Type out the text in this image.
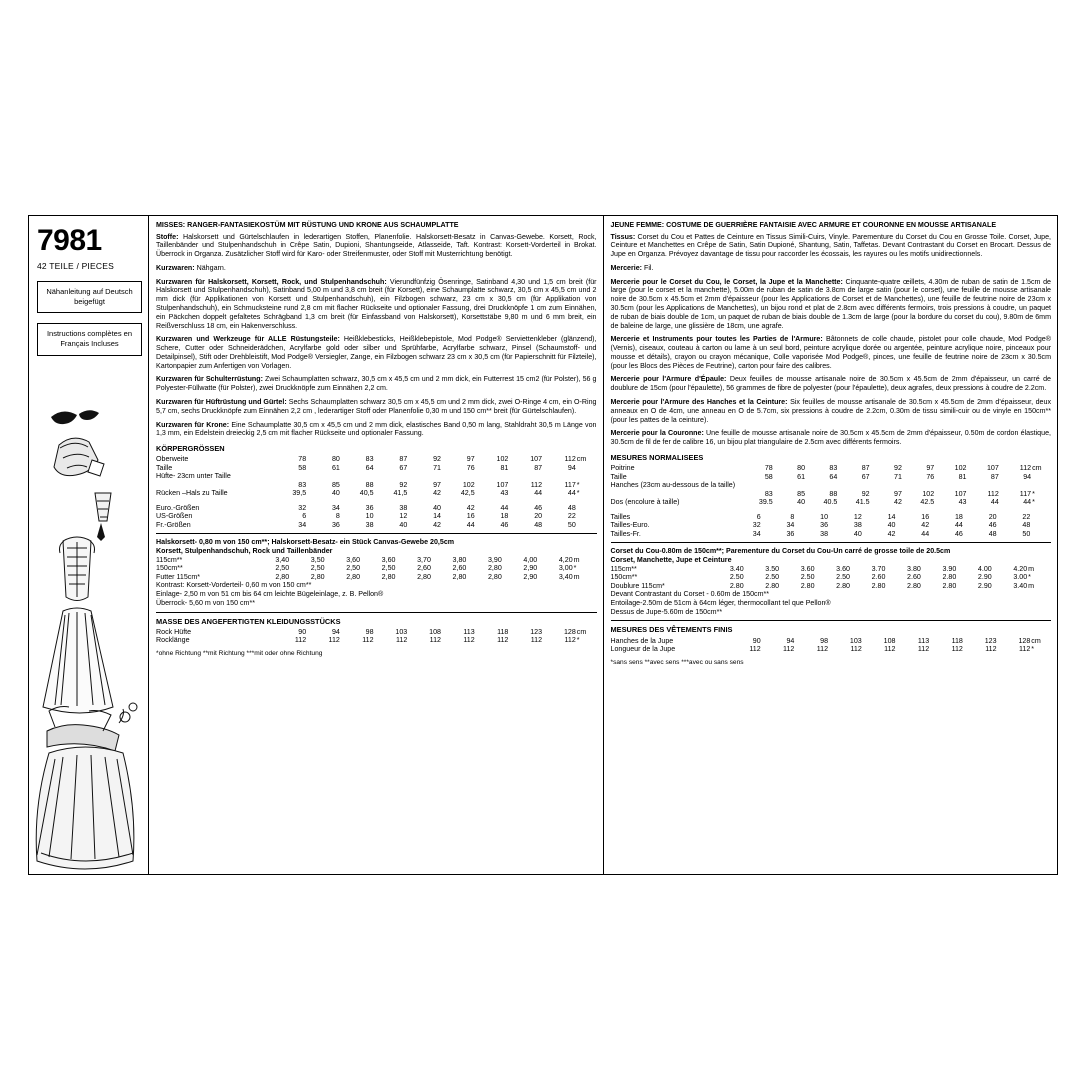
7981
42 TEILE / PIECES
Nähanleitung auf Deutsch beigefügt
Instructions complètes en Français Incluses
MISSES: RANGER-FANTASIEKOSTÜM MIT RÜSTUNG UND KRONE AUS SCHAUMPLATTE

Stoffe: Halskorsett und Gürtelschlaufen in lederartigen Stoffen, Planenfolie. Halskorsett-Besatz in Canvas-Gewebe. Korsett, Rock, Taillenbänder und Stulpenhandschuh in Crêpe Satin, Dupioni, Shantungseide, Atlasseide, Taft. Kontrast: Korsett-Vorderteil in Brokat. Überrock in Organza. Zusätzlicher Stoff wird für Karo- oder Streifenmuster, oder Stoff mit Musterrichtung benötigt.

Kurzwaren: Nähgarn.

Kurzwaren für Halskorsett, Korsett, Rock, und Stulpenhandschuh: Vierundfünfzig Ösenringe, Satinband 4,30 und 1,5 cm breit (für Halskorsett und Stulpenhandschuh), Satinband 5,00 m und 3,8 cm breit (für Korsett), eine Schaumplatte schwarz, 30,5 cm x 45,5 cm und 2 mm dick (für Applikationen von Korsett und Stulpenhandschuh), ein Filzbogen schwarz, 23 cm x 30,5 cm (für Applikation von Stulpenhandschuh), ein Schmucksteine rund 2,8 cm mit flacher Rückseite und optionaler Fassung, drei Druckknöpfe 1 cm zum Einnähen, ein Päckchen doppelt gefaltetes Schrägband 1,3 cm breit (für Einfassband von Halskorsett), Korsettstäbe 9,80 m und 6 mm breit, ein Reißverschluss 18 cm, ein Hakenverschluss.

Kurzwaren und Werkzeuge für ALLE Rüstungsteile: Heißklebesticks, Heißklebepistole, Mod Podge® Serviettenkleber (glänzend), Schere, Cutter oder Schneiderädchen, Acrylfarbe gold oder silber und Sprühfarbe, Acrylfarbe schwarz, Pinsel (Schaumstoff- und Detailpinsel), Stift oder Drehbleistift, Mod Podge® Versiegler, Zange, ein Filzbogen schwarz 23 cm x 30,5 cm (für Papierschnitt für Filzteile), Kartonpapier zum Anfertigen von Vorlagen.

Kurzwaren für Schulterrüstung: Zwei Schaumplatten schwarz, 30,5 cm x 45,5 cm und 2 mm dick, ein Futterrest 15 cm2 (für Polster), 56 g Polyester-Füllwatte (für Polster), zwei Druckknöpfe zum Einnähen 2,2 cm.

Kurzwaren für Hüftrüstung und Gürtel: Sechs Schaumplatten schwarz 30,5 cm x 45,5 cm und 2 mm dick, zwei O-Ringe 4 cm, ein O-Ring 5,7 cm, sechs Druckknöpfe zum Einnähen 2,2 cm , lederartiger Stoff oder Planenfolie 0,30 m und 150 cm** breit (für Gürtelschlaufen).

Kurzwaren für Krone: Eine Schaumplatte 30,5 cm x 45,5 cm und 2 mm dick, elastisches Band 0,50 m lang, Stahldraht 30,5 m Länge von 1,3 mm, ein Edelstein dreieckig 2,5 cm mit flacher Rückseite und optionaler Fassung.

KÖRPERGRÖSSEN
Oberweite	78	80	83	87	92	97	102	107	112	cm
Taille	58	61	64	67	71	76	81	87	94	
Hüfte- 23cm unter Taille										
	83	85	88	92	97	102	107	112	117	*
Rücken –Hals zu Taille	39,5	40	40,5	41,5	42	42,5	43	44	44	*
Euro.-Größen	32	34	36	38	40	42	44	46	48	
US-Größen	6	8	10	12	14	16	18	20	22	
Fr.-Größen	34	36	38	40	42	44	46	48	50	
Halskorsett- 0,80 m von 150 cm**; Halskorsett-Besatz- ein Stück Canvas-Gewebe 20,5cm
Korsett, Stulpenhandschuh, Rock und Taillenbänder
115cm**	3,40	3,50	3,60	3,60	3,70	3,80	3,90	4,00	4,20	m
150cm**	2,50	2,50	2,50	2,50	2,60	2,60	2,80	2,90	3,00	*
Futter 115cm*	2,80	2,80	2,80	2,80	2,80	2,80	2,80	2,90	3,40	m
Kontrast: Korsett-Vorderteil- 0,60 m von 150 cm**
Einlage- 2,50 m von 51 cm bis 64 cm leichte Bügeleinlage, z. B. Pellon®
Überrock- 5,60 m von 150 cm**
MASSE DES ANGEFERTIGTEN KLEIDUNGSSTÜCKS
Rock Hüfte	90	94	98	103	108	113	118	123	128	cm
Rocklänge	112	112	112	112	112	112	112	112	112	*
*ohne Richtung **mit Richtung ***mit oder ohne Richtung
JEUNE FEMME: COSTUME DE GUERRIÈRE FANTAISIE AVEC ARMURE ET COURONNE EN MOUSSE ARTISANALE

Tissus: Corset du Cou et Pattes de Ceinture en Tissus Simili-Cuirs, Vinyle. Parementure du Corset du Cou en Grosse Toile. Corset, Jupe, Ceinture et Manchettes en Crêpe de Satin, Satin Dupioné, Shantung, Satin, Taffetas. Devant Contrastant du Corset en Brocart. Dessus de Jupe en Organza. Prévoyez davantage de tissu pour raccorder les écossais, les rayures ou les motifs unidirectionnels.

Mercerie: Fil.

Mercerie pour le Corset du Cou, le Corset, la Jupe et la Manchette: Cinquante-quatre œillets, 4.30m de ruban de satin de 1.5cm de large (pour le corset et la manchette), 5.00m de ruban de satin de 3.8cm de large satin (pour le corset), une feuille de mousse artisanale noire de 30.5cm x 45.5cm et 2mm d'épaisseur (pour les Applications de Corset et de Manchettes), une feuille de feutrine noire de 23cm x 30.5cm (pour les Applications de Manchettes), un bijou rond et plat de 2.8cm avec différents fermoirs, trois pressions à coudre, un paquet de ruban de biais double de 1cm, un paquet de ruban de biais double de 1.3cm de large (pour la bordure du corset du cou), 9.80m de 6mm de baleine de large, une glissière de 18cm, une agrafe.

Mercerie et Instruments pour toutes les Parties de l'Armure: Bâtonnets de colle chaude, pistolet pour colle chaude, Mod Podge® (Vernis), ciseaux, couteau à carton ou lame à un seul bord, peinture acrylique dorée ou argentée, peinture acrylique noire, pinceaux pour mousse et détails), crayon ou crayon mécanique, Colle vaporisée Mod Podge®, pinces, une feuille de feutrine noire de 23cm x 30.5cm (pour les Blocs des Pièces de Feutrine), carton pour faire des calibres.

Mercerie pour l'Armure d'Épaule: Deux feuilles de mousse artisanale noire de 30.5cm x 45.5cm de 2mm d'épaisseur, un carré de doublure de 15cm (pour l'épaulette), 56 grammes de fibre de polyester (pour l'épaulette), deux agrafes, deux pressions à coudre de 2.2cm.

Mercerie pour l'Armure des Hanches et la Ceinture: Six feuilles de mousse artisanale de 30.5cm x 45.5cm de 2mm d'épaisseur, deux anneaux en O de 4cm, une anneau en O de 5.7cm, six pressions à coudre de 2.2cm, 0.30m de tissu simili-cuir ou de vinyle en 150cm** (pour les pattes de la ceinture).

Mercerie pour la Couronne: Une feuille de mousse artisanale noire de 30.5cm x 45.5cm de 2mm d'épaisseur, 0.50m de cordon élastique, 30.5cm de fil de fer de calibre 16, un bijou plat triangulaire de 2.5cm avec différents fermoirs.

MESURES NORMALISEES
Poitrine	78	80	83	87	92	97	102	107	112	cm
Taille	58	61	64	67	71	76	81	87	94	
Hanches (23cm au-dessous de la taille)										
	83	85	88	92	97	102	107	112	117	*
Dos (encolure à taille)	39.5	40	40.5	41.5	42	42.5	43	44	44	*
Tailles	6	8	10	12	14	16	18	20	22	
Tailles-Euro.	32	34	36	38	40	42	44	46	48	
Tailles-Fr.	34	36	38	40	42	44	46	48	50	
Corset du Cou-0.80m de 150cm**; Parementure du Corset du Cou-Un carré de grosse toile de 20.5cm
Corset, Manchette, Jupe et Ceinture
115cm**	3.40	3.50	3.60	3.60	3.70	3.80	3.90	4.00	4.20	m
150cm**	2.50	2.50	2.50	2.50	2.60	2.60	2.80	2.90	3.00	*
Doublure 115cm*	2.80	2.80	2.80	2.80	2.80	2.80	2.80	2.90	3.40	m
Devant Contrastant du Corset - 0.60m de 150cm**
Entoilage-2.50m de 51cm à 64cm léger, thermocollant tel que Pellon®
Dessus de Jupe-5.60m de 150cm**
MESURES DES VÊTEMENTS FINIS
Hanches de la Jupe	90	94	98	103	108	113	118	123	128	cm
Longueur de la Jupe	112	112	112	112	112	112	112	112	112	*
*sans sens **avec sens ***avec ou sans sens
